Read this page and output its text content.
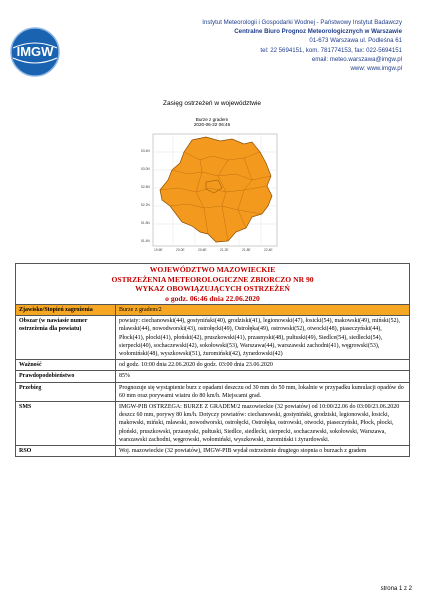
IMGW
Instytut Meteorologii i Gospodarki Wodnej - Państwowy Instytut Badawczy
Centralne Biuro Prognoz Meteorologicznych w Warszawie
01-673 Warszawa ul. Podleśna 61
tel: 22 5694151, kom. 781774153, fax: 022-5694151
email: meteo.warszawa@imgw.pl
www: www.imgw.pl
Zasięg ostrzeżeń w województwie
Burze z gradem
2020-06-22 06:46
53.4N
53.0N
52.6N
52.2N
51.8N
51.4N
19.6E	20.0E	20.6E	21.2E	21.8E	22.4E
WOJEWÓDZTWO MAZOWIECKIE
OSTRZEŻENIA METEOROLOGICZNE ZBIORCZO NR 90
WYKAZ OBOWIĄZUJĄCYCH OSTRZEŻEŃ
o godz. 06:46 dnia 22.06.2020	

Zjawisko/Stopień zagrożenia	Burze z gradem/2
Obszar (w nawiasie numer ostrzeżenia dla powiatu)	powiaty: ciechanowski(44), gostyniński(40), grodziski(41), legionowski(47), łosicki(54), makowski(49), miński(52), mławski(44), nowodworski(43), ostrołęcki(49), Ostrołęka(49), ostrowski(52), otwocki(48), piaseczyński(44), Płock(41), płocki(41), płoński(42), pruszkowski(41), przasnyski(48), pułtuski(49), Siedlce(54), siedlecki(54), sierpecki(40), sochaczewski(42), sokołowski(53), Warszawa(44), warszawski zachodni(41), węgrowski(53), wołomiński(48), wyszkowski(51), żuromiński(42), żyrardowski(42)
Ważność	od godz. 10:00 dnia 22.06.2020 do godz. 03:00 dnia 23.06.2020
Prawdopodobieństwo	85%
Przebieg	Prognozuje się wystąpienie burz z opadami deszczu od 30 mm do 50 mm, lokalnie w przypadku kumulacji opadów do 60 mm oraz porywami wiatru do 80 km/h. Miejscami grad.
SMS	IMGW-PIB OSTRZEGA: BURZE Z GRADEM/2 mazowieckie (32 powiatów) od 10:00/22.06 do 03:00/23.06.2020 deszcz 60 mm, porywy 80 km/h. Dotyczy powiatów: ciechanowski, gostyniński, grodziski, legionowski, łosicki, makowski, miński, mławski, nowodworski, ostrołęcki, Ostrołęka, ostrowski, otwocki, piaseczyński, Płock, płocki, płoński, pruszkowski, przasnyski, pułtuski, Siedlce, siedlecki, sierpecki, sochaczewski, sokołowski, Warszawa, warszawski zachodni, węgrowski, wołomiński, wyszkowski, żuromiński i żyrardowski.
RSO	Woj. mazowieckie (32 powiatów), IMGW-PIB wydał ostrzeżenie drugiego stopnia o burzach z gradem
strona 1 z 2
